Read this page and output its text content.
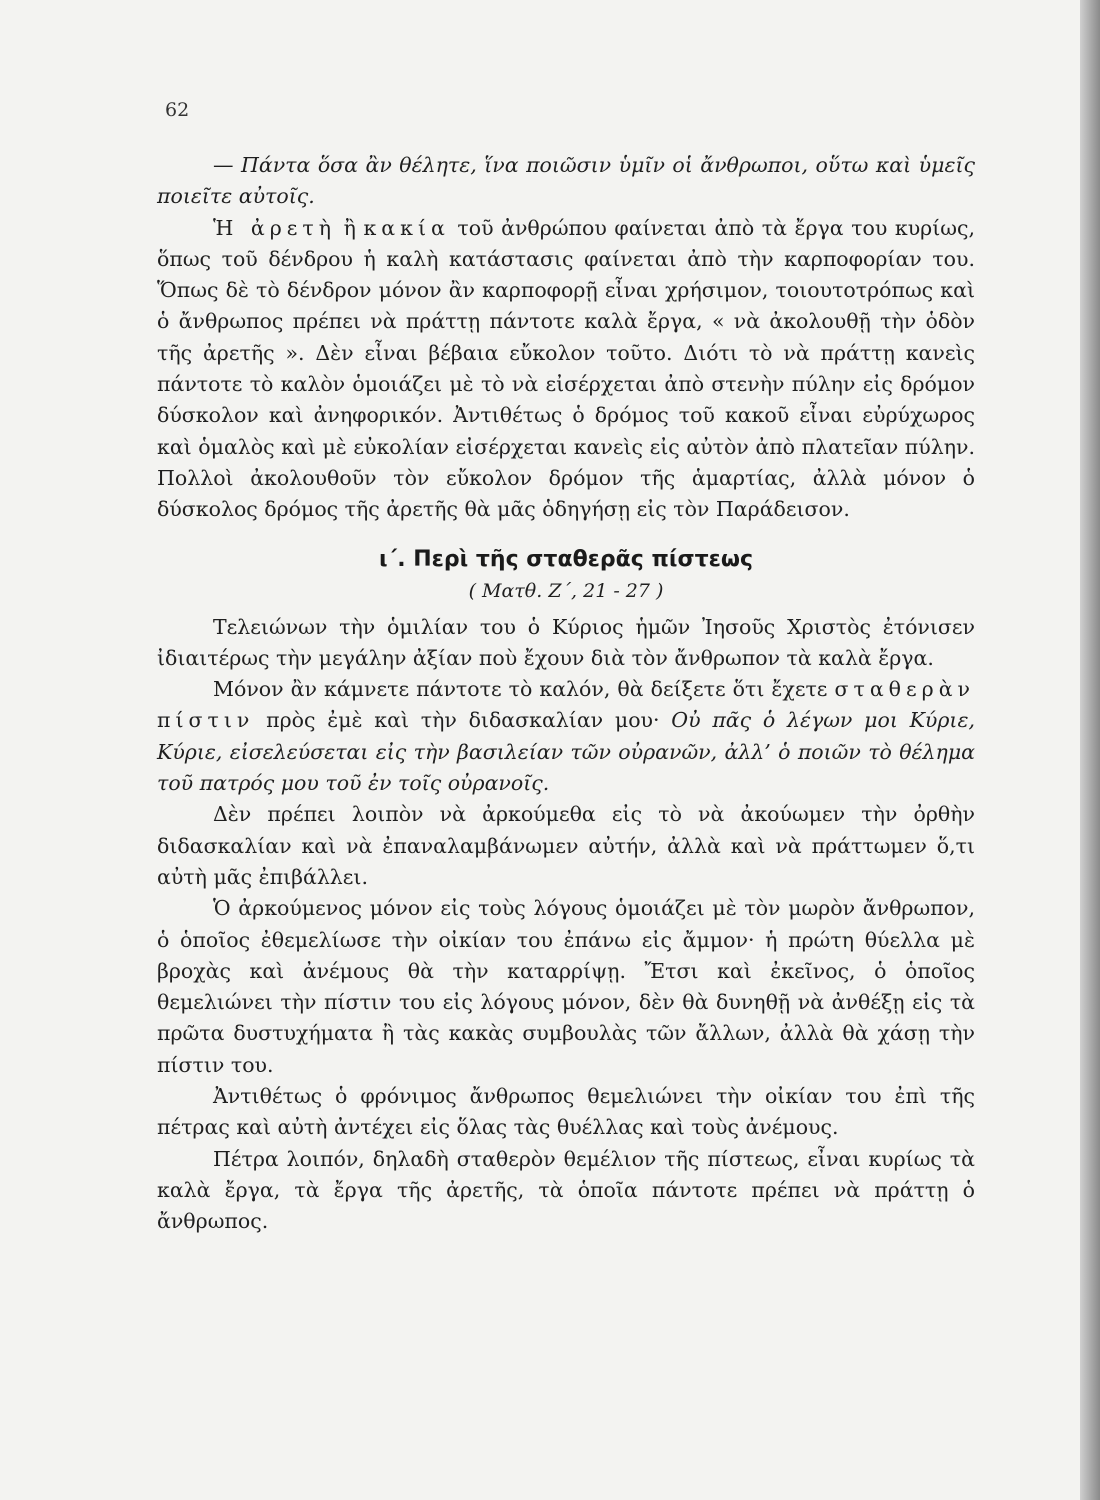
62

— Πάντα ὅσα ἂν θέλητε, ἵνα ποιῶσιν ὑμῖν οἱ ἄνθρωποι, οὕτω καὶ ὑμεῖς ποιεῖτε αὐτοῖς.

Ἡ ἀρετὴ ἢ κακία τοῦ ἀνθρώπου φαίνεται ἀπὸ τὰ ἔργα του κυρίως, ὅπως τοῦ δένδρου ἡ καλὴ κατάστασις φαίνεται ἀπὸ τὴν καρποφορίαν του. Ὅπως δὲ τὸ δένδρον μόνον ἂν καρποφορῇ εἶναι χρήσιμον, τοιουτοτρόπως καὶ ὁ ἄνθρωπος πρέπει νὰ πράττῃ πάντοτε καλὰ ἔργα, « νὰ ἀκολουθῇ τὴν ὁδὸν τῆς ἀρετῆς ». Δὲν εἶναι βέβαια εὔκολον τοῦτο. Διότι τὸ νὰ πράττῃ κανεὶς πάντοτε τὸ καλὸν ὁμοιάζει μὲ τὸ νὰ εἰσέρχεται ἀπὸ στενὴν πύλην εἰς δρόμον δύσκολον καὶ ἀνηφορικόν. Ἀντιθέτως ὁ δρόμος τοῦ κακοῦ εἶναι εὐρύχωρος καὶ ὁμαλὸς καὶ μὲ εὐκολίαν εἰσέρχεται κανεὶς εἰς αὐτὸν ἀπὸ πλατεῖαν πύλην. Πολλοὶ ἀκολουθοῦν τὸν εὔκολον δρόμον τῆς ἁμαρτίας, ἀλλὰ μόνον ὁ δύσκολος δρόμος τῆς ἀρετῆς θὰ μᾶς ὁδηγήσῃ εἰς τὸν Παράδεισον.

ι΄. Περὶ τῆς σταθερᾶς πίστεως

( Ματθ. Ζ΄, 21 - 27 )

Τελειώνων τὴν ὁμιλίαν του ὁ Κύριος ἡμῶν Ἰησοῦς Χριστὸς ἐτόνισεν ἰδιαιτέρως τὴν μεγάλην ἀξίαν ποὺ ἔχουν διὰ τὸν ἄνθρωπον τὰ καλὰ ἔργα.

Μόνον ἂν κάμνετε πάντοτε τὸ καλόν, θὰ δείξετε ὅτι ἔχετε σταθερὰν πίστιν πρὸς ἐμὲ καὶ τὴν διδασκαλίαν μου· Οὐ πᾶς ὁ λέγων μοι Κύριε, Κύριε, εἰσελεύσεται εἰς τὴν βασιλείαν τῶν οὐρανῶν, ἀλλ’ ὁ ποιῶν τὸ θέλημα τοῦ πατρός μου τοῦ ἐν τοῖς οὐρανοῖς.

Δὲν πρέπει λοιπὸν νὰ ἀρκούμεθα εἰς τὸ νὰ ἀκούωμεν τὴν ὀρθὴν διδασκαλίαν καὶ νὰ ἐπαναλαμβάνωμεν αὐτήν, ἀλλὰ καὶ νὰ πράττωμεν ὅ,τι αὐτὴ μᾶς ἐπιβάλλει.

Ὁ ἀρκούμενος μόνον εἰς τοὺς λόγους ὁμοιάζει μὲ τὸν μωρὸν ἄνθρωπον, ὁ ὁποῖος ἐθεμελίωσε τὴν οἰκίαν του ἐπάνω εἰς ἄμμον· ἡ πρώτη θύελλα μὲ βροχὰς καὶ ἀνέμους θὰ τὴν καταρρίψῃ. Ἔτσι καὶ ἐκεῖνος, ὁ ὁποῖος θεμελιώνει τὴν πίστιν του εἰς λόγους μόνον, δὲν θὰ δυνηθῇ νὰ ἀνθέξῃ εἰς τὰ πρῶτα δυστυχήματα ἢ τὰς κακὰς συμβουλὰς τῶν ἄλλων, ἀλλὰ θὰ χάσῃ τὴν πίστιν του.

Ἀντιθέτως ὁ φρόνιμος ἄνθρωπος θεμελιώνει τὴν οἰκίαν του ἐπὶ τῆς πέτρας καὶ αὐτὴ ἀντέχει εἰς ὅλας τὰς θυέλλας καὶ τοὺς ἀνέμους.

Πέτρα λοιπόν, δηλαδὴ σταθερὸν θεμέλιον τῆς πίστεως, εἶναι κυρίως τὰ καλὰ ἔργα, τὰ ἔργα τῆς ἀρετῆς, τὰ ὁποῖα πάντοτε πρέπει νὰ πράττῃ ὁ ἄνθρωπος.
